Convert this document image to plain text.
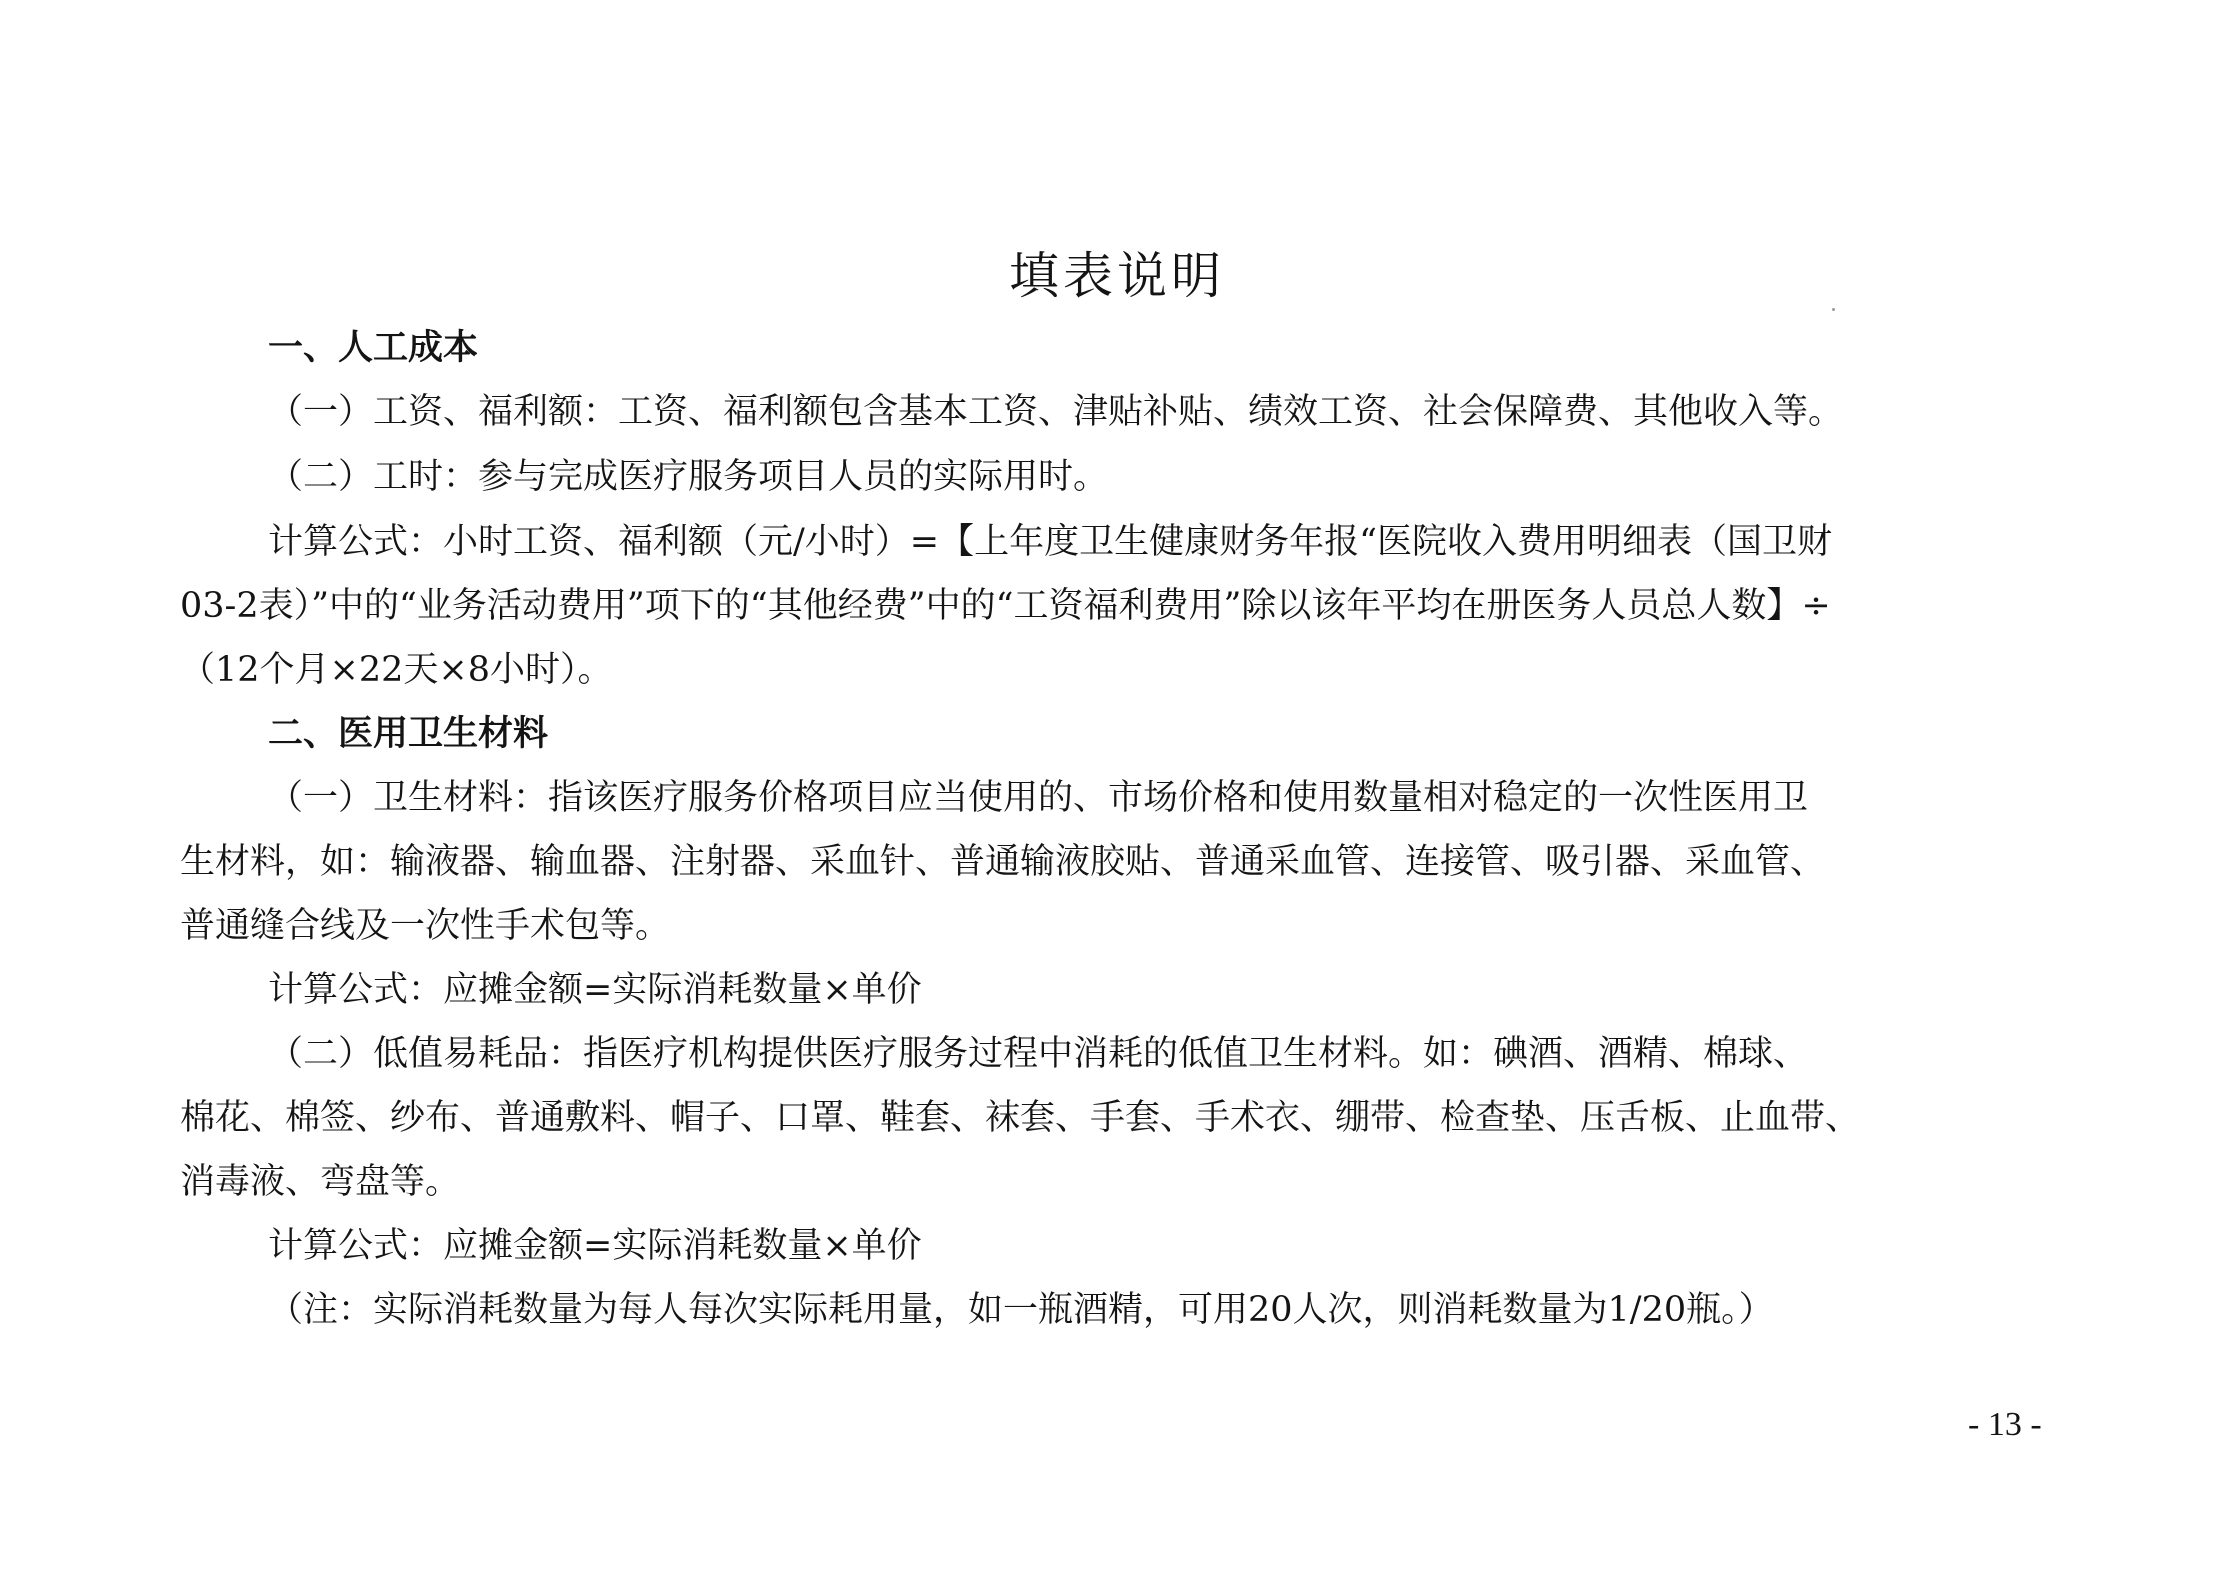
填表说明
一、人工成本
（一）工资、福利额：工资、福利额包含基本工资、津贴补贴、绩效工资、社会保障费、其他收入等。
（二）工时：参与完成医疗服务项目人员的实际用时。
计算公式：小时工资、福利额（元/小时）=【上年度卫生健康财务年报“医院收入费用明细表（国卫财
03-2表）”中的“业务活动费用”项下的“其他经费”中的“工资福利费用”除以该年平均在册医务人员总人数】÷
（12个月×22天×8小时）。
二、医用卫生材料
（一）卫生材料：指该医疗服务价格项目应当使用的、市场价格和使用数量相对稳定的一次性医用卫
生材料，如：输液器、输血器、注射器、采血针、普通输液胶贴、普通采血管、连接管、吸引器、采血管、
普通缝合线及一次性手术包等。
计算公式：应摊金额=实际消耗数量×单价
（二）低值易耗品：指医疗机构提供医疗服务过程中消耗的低值卫生材料。如：碘酒、酒精、棉球、
棉花、棉签、纱布、普通敷料、帽子、口罩、鞋套、袜套、手套、手术衣、绷带、检查垫、压舌板、止血带、
消毒液、弯盘等。
计算公式：应摊金额=实际消耗数量×单价
（注：实际消耗数量为每人每次实际耗用量，如一瓶酒精，可用20人次，则消耗数量为1/20瓶。）
- 13 -
